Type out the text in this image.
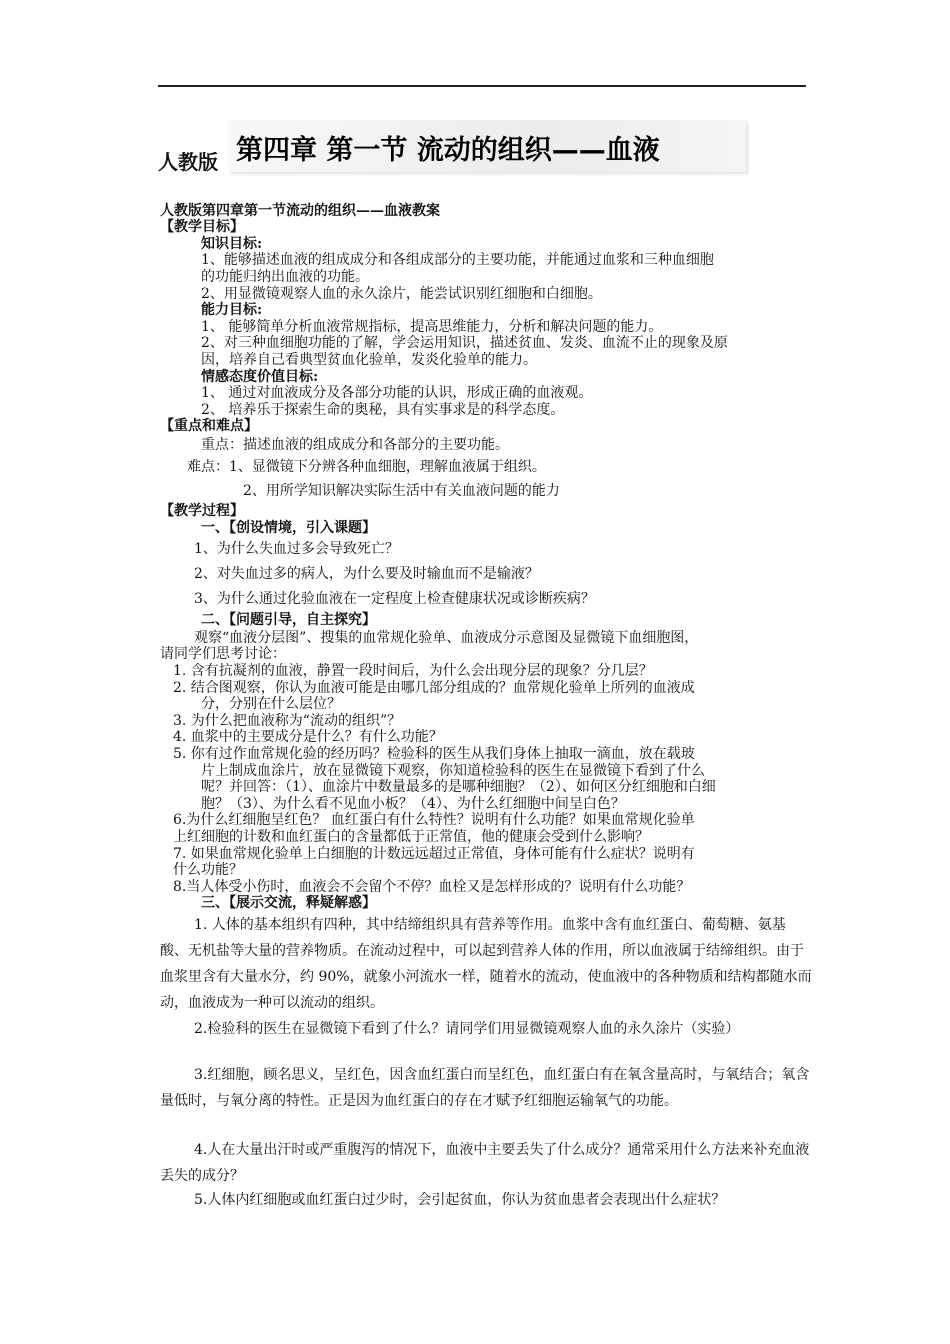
人教版 第四章 第一节 流动的组织——血液
人教版第四章第一节流动的组织——血液教案
【教学目标】
知识目标:
1、能够描述血液的组成成分和各组成部分的主要功能，并能通过血浆和三种血细胞
的功能归纳出血液的功能。
2、用显微镜观察人血的永久涂片，能尝试识别红细胞和白细胞。
能力目标:
1、 能够简单分析血液常规指标，提高思维能力，分析和解决问题的能力。
2、对三种血细胞功能的了解，学会运用知识，描述贫血、发炎、血流不止的现象及原
因，培养自己看典型贫血化验单，发炎化验单的能力。
情感态度价值目标:
1、 通过对血液成分及各部分功能的认识，形成正确的血液观。
2、 培养乐于探索生命的奥秘，具有实事求是的科学态度。
【重点和难点】
重点：描述血液的组成成分和各部分的主要功能。
难点：1、显微镜下分辨各种血细胞，理解血液属于组织。
2、用所学知识解决实际生活中有关血液问题的能力
【教学过程】
一、【创设情境，引入课题】
1、为什么失血过多会导致死亡？
2、对失血过多的病人，为什么要及时输血而不是输液？
3、为什么通过化验血液在一定程度上检查健康状况或诊断疾病？
二、【问题引导，自主探究】
观察“血液分层图”、搜集的血常规化验单、血液成分示意图及显微镜下血细胞图，
请同学们思考讨论：
1. 含有抗凝剂的血液，静置一段时间后，为什么会出现分层的现象？分几层？
2. 结合图观察，你认为血液可能是由哪几部分组成的？血常规化验单上所列的血液成
分，分别在什么层位？
3. 为什么把血液称为“流动的组织”？
4. 血浆中的主要成分是什么？有什么功能？
5. 你有过作血常规化验的经历吗？检验科的医生从我们身体上抽取一滴血，放在载玻
片上制成血涂片，放在显微镜下观察，你知道检验科的医生在显微镜下看到了什么
呢？并回答：（1）、血涂片中数量最多的是哪种细胞？（2）、如何区分红细胞和白细
胞？（3）、为什么看不见血小板？（4）、为什么红细胞中间呈白色？
6.为什么红细胞呈红色？ 血红蛋白有什么特性？说明有什么功能？如果血常规化验单
上红细胞的计数和血红蛋白的含量都低于正常值，他的健康会受到什么影响？
7. 如果血常规化验单上白细胞的计数远远超过正常值，身体可能有什么症状？说明有
什么功能？
8.当人体受小伤时，血液会不会留个不停？血栓又是怎样形成的？说明有什么功能？
三、【展示交流，释疑解惑】
1. 人体的基本组织有四种，其中结缔组织具有营养等作用。血浆中含有血红蛋白、葡萄糖、氨基酸、无机盐等大量的营养物质。在流动过程中，可以起到营养人体的作用，所以血液属于结缔组织。由于血浆里含有大量水分，约 90%，就象小河流水一样，随着水的流动，使血液中的各种物质和结构都随水而动，血液成为一种可以流动的组织。
2.检验科的医生在显微镜下看到了什么？请同学们用显微镜观察人血的永久涂片（实验）
3.红细胞，顾名思义，呈红色，因含血红蛋白而呈红色，血红蛋白有在氧含量高时，与氧结合；氧含量低时，与氧分离的特性。正是因为血红蛋白的存在才赋予红细胞运输氧气的功能。
4.人在大量出汗时或严重腹泻的情况下，血液中主要丢失了什么成分？通常采用什么方法来补充血液丢失的成分？
5.人体内红细胞或血红蛋白过少时，会引起贫血，你认为贫血患者会表现出什么症状？
